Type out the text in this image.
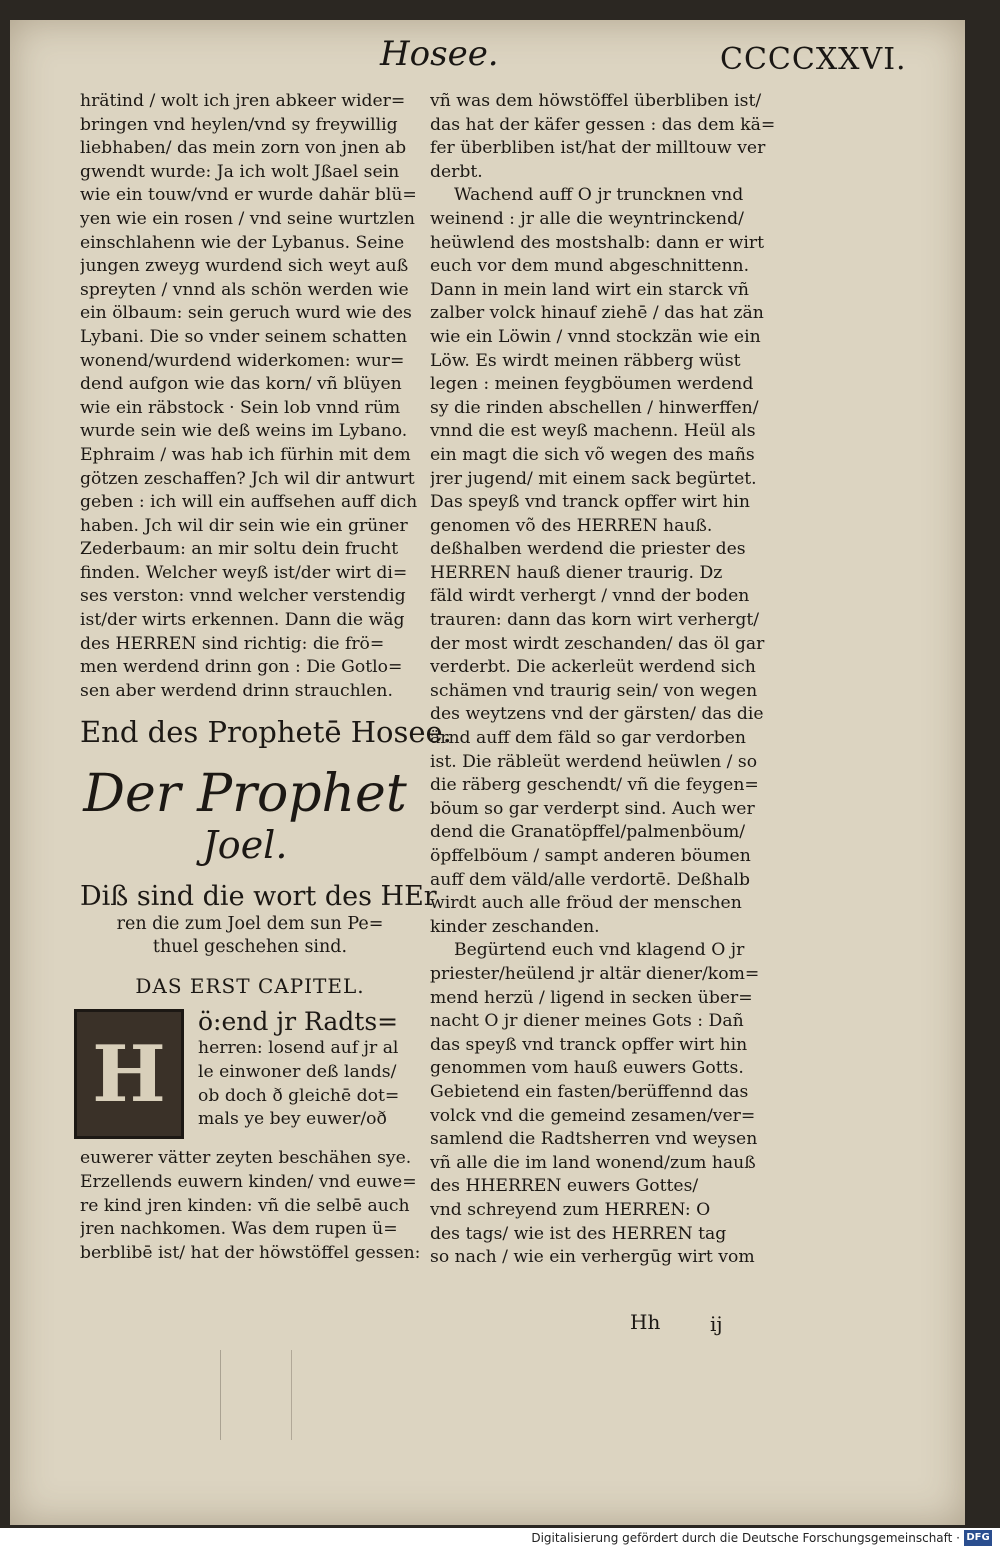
Hosee.	CCCCXXVI.
hrätind / wolt ich jren abkeer wider=
bringen vnd heylen/vnd sy freywillig
liebhaben/ das mein zorn von jnen ab
gwendt wurde: Ja ich wolt Jßael sein
wie ein touw/vnd er wurde dahär blü=
yen wie ein rosen / vnd seine wurtzlen
einschlahenn wie der Lybanus. Seine
jungen zweyg wurdend sich weyt auß
spreyten / vnnd als schön werden wie
ein ölbaum: sein geruch wurd wie des
Lybani. Die so vnder seinem schatten
wonend/wurdend widerkomen: wur=
dend aufgon wie das korn/ vñ blüyen
wie ein räbstock · Sein lob vnnd rüm
wurde sein wie deß weins im Lybano.
Ephraim / was hab ich fürhin mit dem
götzen zeschaffen? Jch wil dir antwurt
geben : ich will ein auffsehen auff dich
haben. Jch wil dir sein wie ein grüner
Zederbaum: an mir soltu dein frucht
finden. Welcher weyß ist/der wirt di=
ses verston: vnnd welcher verstendig
ist/der wirts erkennen. Dann die wäg
des HERREN sind richtig: die frö=
men werdend drinn gon : Die Gotlo=
sen aber werdend drinn strauchlen.
End des Prophetē Hosee.
Der Prophet
Joel.
Diß sind die wort des HEr
ren die zum Joel dem sun Pe=
thuel geschehen sind.
DAS ERST CAPITEL.
H
ö:end jr Radts=
herren: losend auf jr al
le einwoner deß lands/
ob doch ð gleichē dot=
mals ye bey euwer/oð
euwerer vätter zeyten beschähen sye.
Erzellends euwern kinden/ vnd euwe=
re kind jren kinden: vñ die selbē auch
jren nachkomen. Was dem rupen ü=
berblibē ist/ hat der höwstöffel gessen:
vñ was dem höwstöffel überbliben ist/
das hat der käfer gessen : das dem kä=
fer überbliben ist/hat der milltouw ver
derbt.
Wachend auff O jr truncknen vnd
weinend : jr alle die weyntrinckend/
heüwlend des mostshalb: dann er wirt
euch vor dem mund abgeschnittenn.
Dann in mein land wirt ein starck vñ
zalber volck hinauf ziehē / das hat zän
wie ein Löwin / vnnd stockzän wie ein
Löw. Es wirdt meinen räbberg wüst
legen : meinen feygböumen werdend
sy die rinden abschellen / hinwerffen/
vnnd die est weyß machenn. Heül als
ein magt die sich võ wegen des mañs
jrer jugend/ mit einem sack begürtet.
Das speyß vnd tranck opffer wirt hin
genomen võ des HERREN hauß.
deßhalben werdend die priester des
HERREN hauß diener traurig. Dz
fäld wirdt verhergt / vnnd der boden
trauren: dann das korn wirt verhergt/
der most wirdt zeschanden/ das öl gar
verderbt. Die ackerleüt werdend sich
schämen vnd traurig sein/ von wegen
des weytzens vnd der gärsten/ das die
ärnd auff dem fäld so gar verdorben
ist. Die räbleüt werdend heüwlen / so
die räberg geschendt/ vñ die feygen=
böum so gar verderpt sind. Auch wer
dend die Granatöpffel/palmenböum/
öpffelböum / sampt anderen böumen
auff dem väld/alle verdortē. Deßhalb
wirdt auch alle fröud der menschen
kinder zeschanden.
Begürtend euch vnd klagend O jr
priester/heülend jr altär diener/kom=
mend herzü / ligend in secken über=
nacht O jr diener meines Gots : Dañ
das speyß vnd tranck opffer wirt hin
genommen vom hauß euwers Gotts.
Gebietend ein fasten/berüffennd das
volck vnd die gemeind zesamen/ver=
samlend die Radtsherren vnd weysen
vñ alle die im land wonend/zum hauß
des HHERREN euwers Gottes/
vnd schreyend zum HERREN: O
des tags/ wie ist des HERREN tag
so nach / wie ein verhergūg wirt vom
Hh ij
Digitalisierung gefördert durch die Deutsche Forschungsgemeinschaft · DFG
